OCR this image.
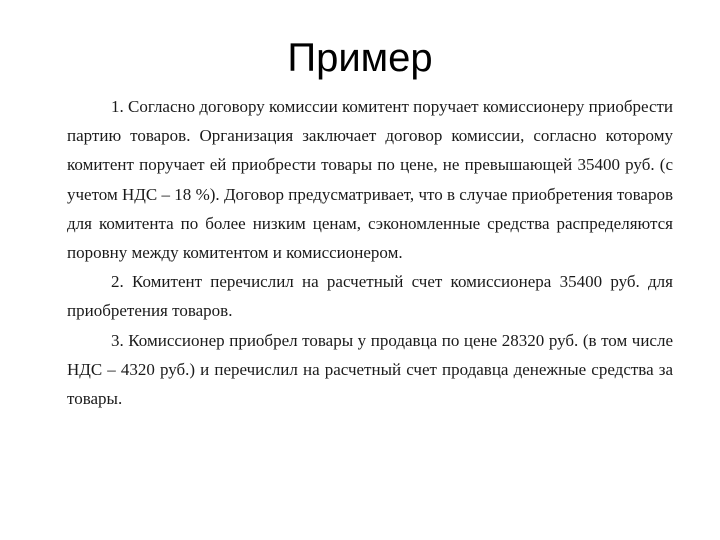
Пример

1. Согласно договору комиссии комитент поручает комиссионеру приобрести партию товаров. Организация заключает договор комиссии, согласно которому комитент поручает ей приобрести товары по цене, не превышающей 35400 руб. (с учетом НДС – 18 %). Договор предусматривает, что в случае приобретения товаров для комитента по более низким ценам, сэкономленные средства распределяются поровну между комитентом и комиссионером.

2. Комитент перечислил на расчетный счет комиссионера 35400 руб. для приобретения товаров.

3. Комиссионер приобрел товары у продавца по цене 28320 руб. (в том числе НДС – 4320 руб.) и перечислил на расчетный счет продавца денежные средства за товары.
